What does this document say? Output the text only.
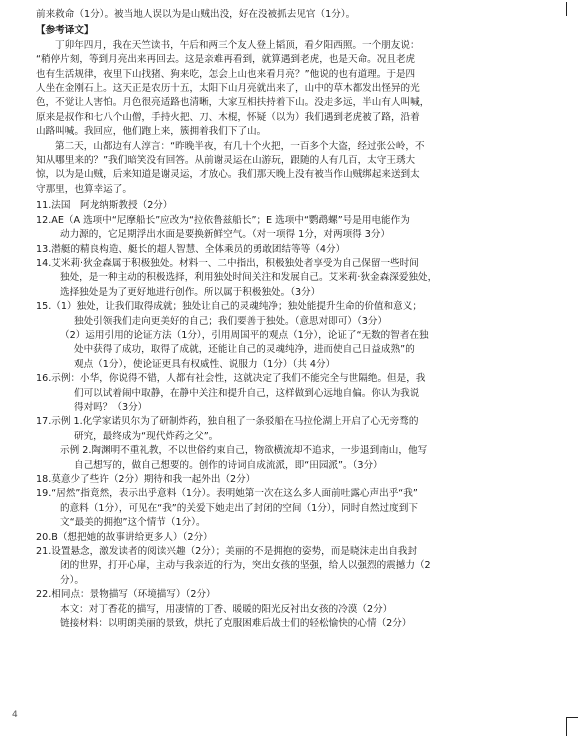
前来救命（1分）。被当地人误以为是山贼出没，好在没被抓去见官（1分）。
【参考译文】
丁卯年四月，我在天竺读书，午后和两三个友人登上韬顶，看夕阳西照。一个朋友说：
“稍停片刻，等到月亮出来再回去。这是亲难再看到，就算遇到老虎，也是天命。况且老虎
也有生活规律，夜里下山找猪、狗来吃，怎会上山也来看月亮？”他说的也有道理。于是四
人坐在金刚石上。这天正是农历十五，太阳下山月亮就出来了，山中的草木都发出怪异的光
色，不觉让人害怕。月色很亮适路也清晰，大家互相扶持着下山。没走多远，半山有人叫喊，
原来是叔作和七八个山僧，手持火把、刀、木棍，怀疑（以为）我们遇到老虎被了路，沿着
山路叫喊。我回应，他们跑上来，簇拥着我们下了山。
第二天，山都边有人淳言：“昨晚半夜，有几十个火把，一百多个大盗，经过张公岭，不
知从哪里来的？”我们暗笑没有回答。从前谢灵运在山游玩，跟随的人有几百，太守王琇大
惊，以为是山贼，后来知道是谢灵运，才放心。我们那天晚上没有被当作山贼绑起来送到太
守那里，也算幸运了。
11.法国　阿龙纳斯教授（2分）
12.AE（A 选项中“尼摩船长”应改为“拉依鲁兹船长”；E 选项中“鹦鹉螺”号是用电能作为
动力源的，它足期浮出水面是要换新鲜空气。（对一项得 1分，对两项得 3分）
13.潜艇的精良构造、艇长的超人智慧、全体乘员的勇敢团结等等（4分）
14.艾米莉·狄金森属于积极独处。材料一、二中指出，积极独处者享受为自己保留一些时间
独处，是一种主动的积极选择，利用独处时间关注和发展自己。艾米莉·狄金森深爱独处，
选择独处是为了更好地进行创作。所以属于积极独处。（3分）
15.（1）独处，让我们取得成就；独处让自己的灵魂纯净；独处能提升生命的价值和意义；
独处引领我们走向更美好的自己；我们要善于独处。（意思对即可）（3分）
（2）运用引用的论证方法（1分），引用周国平的观点（1分），论证了“无数的智者在独
处中获得了成功，取得了成就，还能让自己的灵魂纯净，进而使自己日益成熟”的
观点（1分），使论证更具有权威性、说服力（1分）（共 4分）
16.示例：小华，你说得不错，人都有社会性，这就决定了我们不能完全与世隔绝。但是，我
们可以试着闹中取静，在静中关注和提升自己，这样做到心远地自偏。你认为我说
得对吗？（3分）
17.示例 1.化学家诺贝尔为了研制炸药，独自租了一条驳船在马拉伦湖上开启了心无旁骛的
研究，最终成为“现代炸药之父”。
示例 2.陶渊明不重礼教，不以世俗约束自己，物欲横流却不追求，一步退到南山，他写
自己想写的，做自己想要的。创作的诗词自成流派，即“田园派”。（3分）
18.莫意少了些许（2分）期待和我一起外出（2分）
19.“居然”指竟然，表示出乎意料（1分）。表明她第一次在这么多人面前吐露心声出乎“我”
的意料（1分），可见在“我”的关爱下她走出了封闭的空间（1分），同时自然过度到下
文“最美的拥抱”这个情节（1分）。
20.B（想把她的故事讲给更多人）（2分）
21.设置悬念，激发读者的阅读兴趣（2分）；美丽的不是拥抱的姿势，而是晓沫走出自我封
闭的世界，打开心扉，主动与我亲近的行为，突出女孩的坚强，给人以强烈的震撼力（2
分）。
22.相同点：景物描写（环境描写）（2分）
本文：对丁香花的描写，用凄情的丁香、暖暖的阳光反衬出女孩的冷漠（2分）
链接材料：以明朗美丽的景致，烘托了克服困难后战士们的轻松愉快的心情（2分）
4
